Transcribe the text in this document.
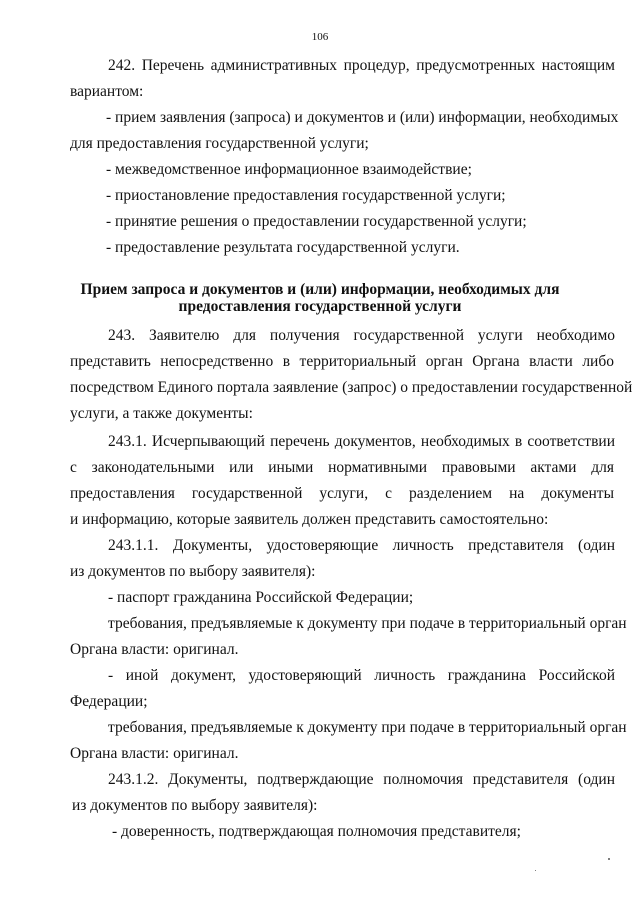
106
242. Перечень административных процедур, предусмотренных настоящим
вариантом:
- прием заявления (запроса) и документов и (или) информации, необходимых
для предоставления государственной услуги;
- межведомственное информационное взаимодействие;
- приостановление предоставления государственной услуги;
- принятие решения о предоставлении государственной услуги;
- предоставление результата государственной услуги.
Прием запроса и документов и (или) информации, необходимых для
предоставления государственной услуги
243. Заявителю для получения государственной услуги необходимо
представить непосредственно в территориальный орган Органа власти либо
посредством Единого портала заявление (запрос) о предоставлении государственной
услуги, а также документы:
243.1. Исчерпывающий перечень документов, необходимых в соответствии
с законодательными или иными нормативными правовыми актами для
предоставления государственной услуги, с разделением на документы
и информацию, которые заявитель должен представить самостоятельно:
243.1.1. Документы, удостоверяющие личность представителя (один
из документов по выбору заявителя):
- паспорт гражданина Российской Федерации;
требования, предъявляемые к документу при подаче в территориальный орган
Органа власти: оригинал.
- иной документ, удостоверяющий личность гражданина Российской
Федерации;
требования, предъявляемые к документу при подаче в территориальный орган
Органа власти: оригинал.
243.1.2. Документы, подтверждающие полномочия представителя (один
из документов по выбору заявителя):
- доверенность, подтверждающая полномочия представителя;
